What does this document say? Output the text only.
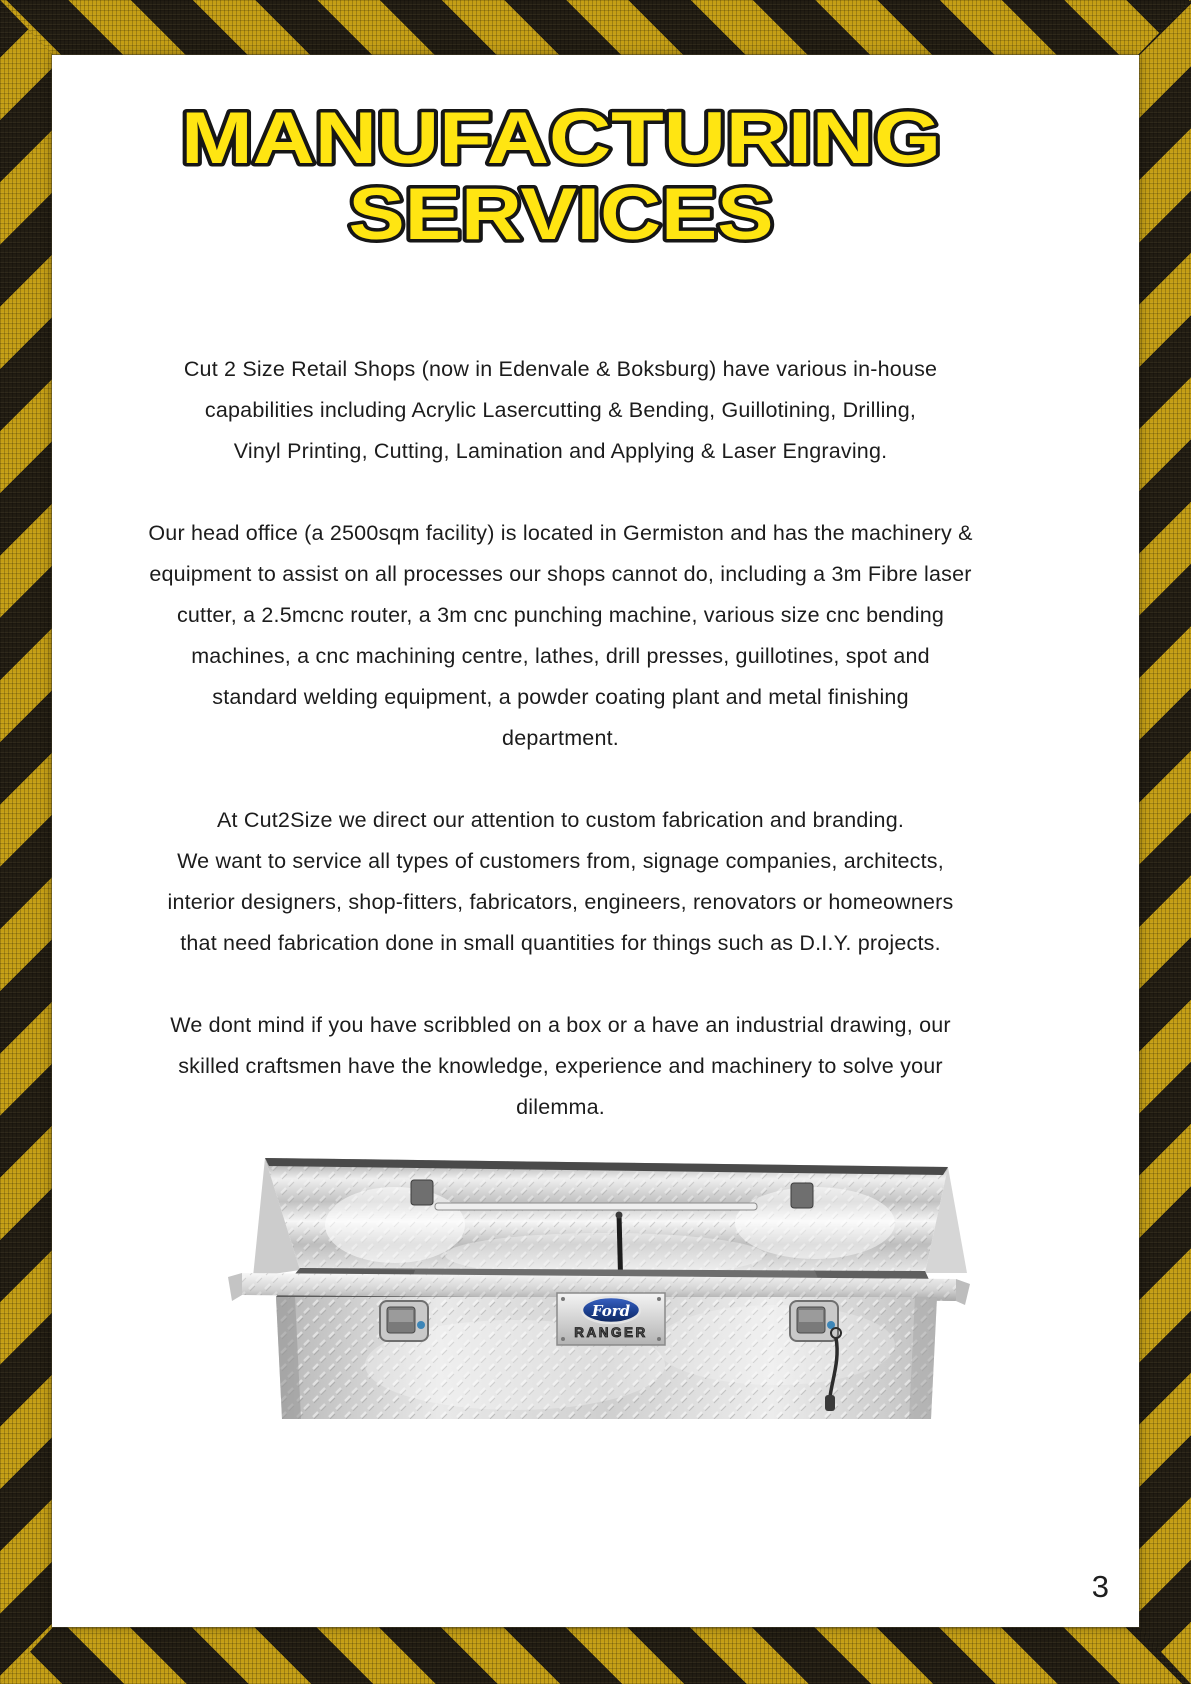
MANUFACTURING
SERVICES

Cut 2 Size Retail Shops (now in Edenvale & Boksburg) have various in-house
capabilities including Acrylic Lasercutting & Bending, Guillotining, Drilling,
Vinyl Printing, Cutting, Lamination and Applying & Laser Engraving.

Our head office (a 2500sqm facility) is located in Germiston and has the machinery &
equipment to assist on all processes our shops cannot do, including a 3m Fibre laser
cutter, a 2.5mcnc router, a 3m cnc punching machine, various size cnc bending
machines, a cnc machining centre, lathes, drill presses, guillotines, spot and
standard welding equipment, a powder coating plant and metal finishing
department.

At Cut2Size we direct our attention to custom fabrication and branding.
We want to service all types of customers from, signage companies, architects,
interior designers, shop-fitters, fabricators, engineers, renovators or homeowners
that need fabrication done in small quantities for things such as D.I.Y. projects.

We dont mind if you have scribbled on a box or a have an industrial drawing, our
skilled craftsmen have the knowledge, experience and machinery to solve your
dilemma.

Ford
RANGER
3
